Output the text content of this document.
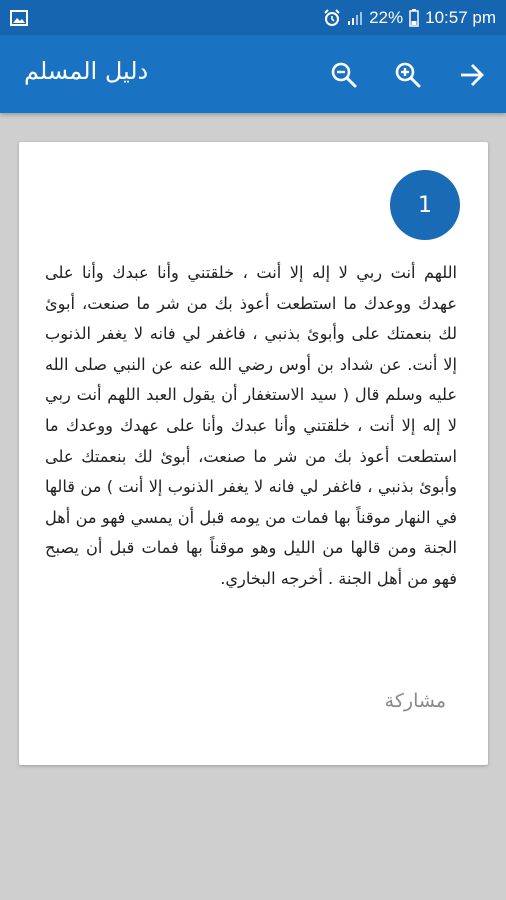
22% 10:57 pm
دليل المسلم
1
اللهم أنت ربي لا إله إلا أنت ، خلقتني وأنا عبدك وأنا على عهدك ووعدك ما استطعت أعوذ بك من شر ما صنعت، أبوئ لك بنعمتك على وأبوئ بذنبي ، فاغفر لي فانه لا يغفر الذنوب إلا أنت. عن شداد بن أوس رضي الله عنه عن النبي صلى الله عليه وسلم قال ( سيد الاستغفار أن يقول العبد اللهم أنت ربي لا إله إلا أنت ، خلقتني وأنا عبدك وأنا على عهدك ووعدك ما استطعت أعوذ بك من شر ما صنعت، أبوئ لك بنعمتك على وأبوئ بذنبي ، فاغفر لي فانه لا يغفر الذنوب إلا أنت ) من قالها في النهار موقناً بها فمات من يومه قبل أن يمسي فهو من أهل الجنة ومن قالها من الليل وهو موقناً بها فمات قبل أن يصبح فهو من أهل الجنة . أخرجه البخاري.
مشاركة
